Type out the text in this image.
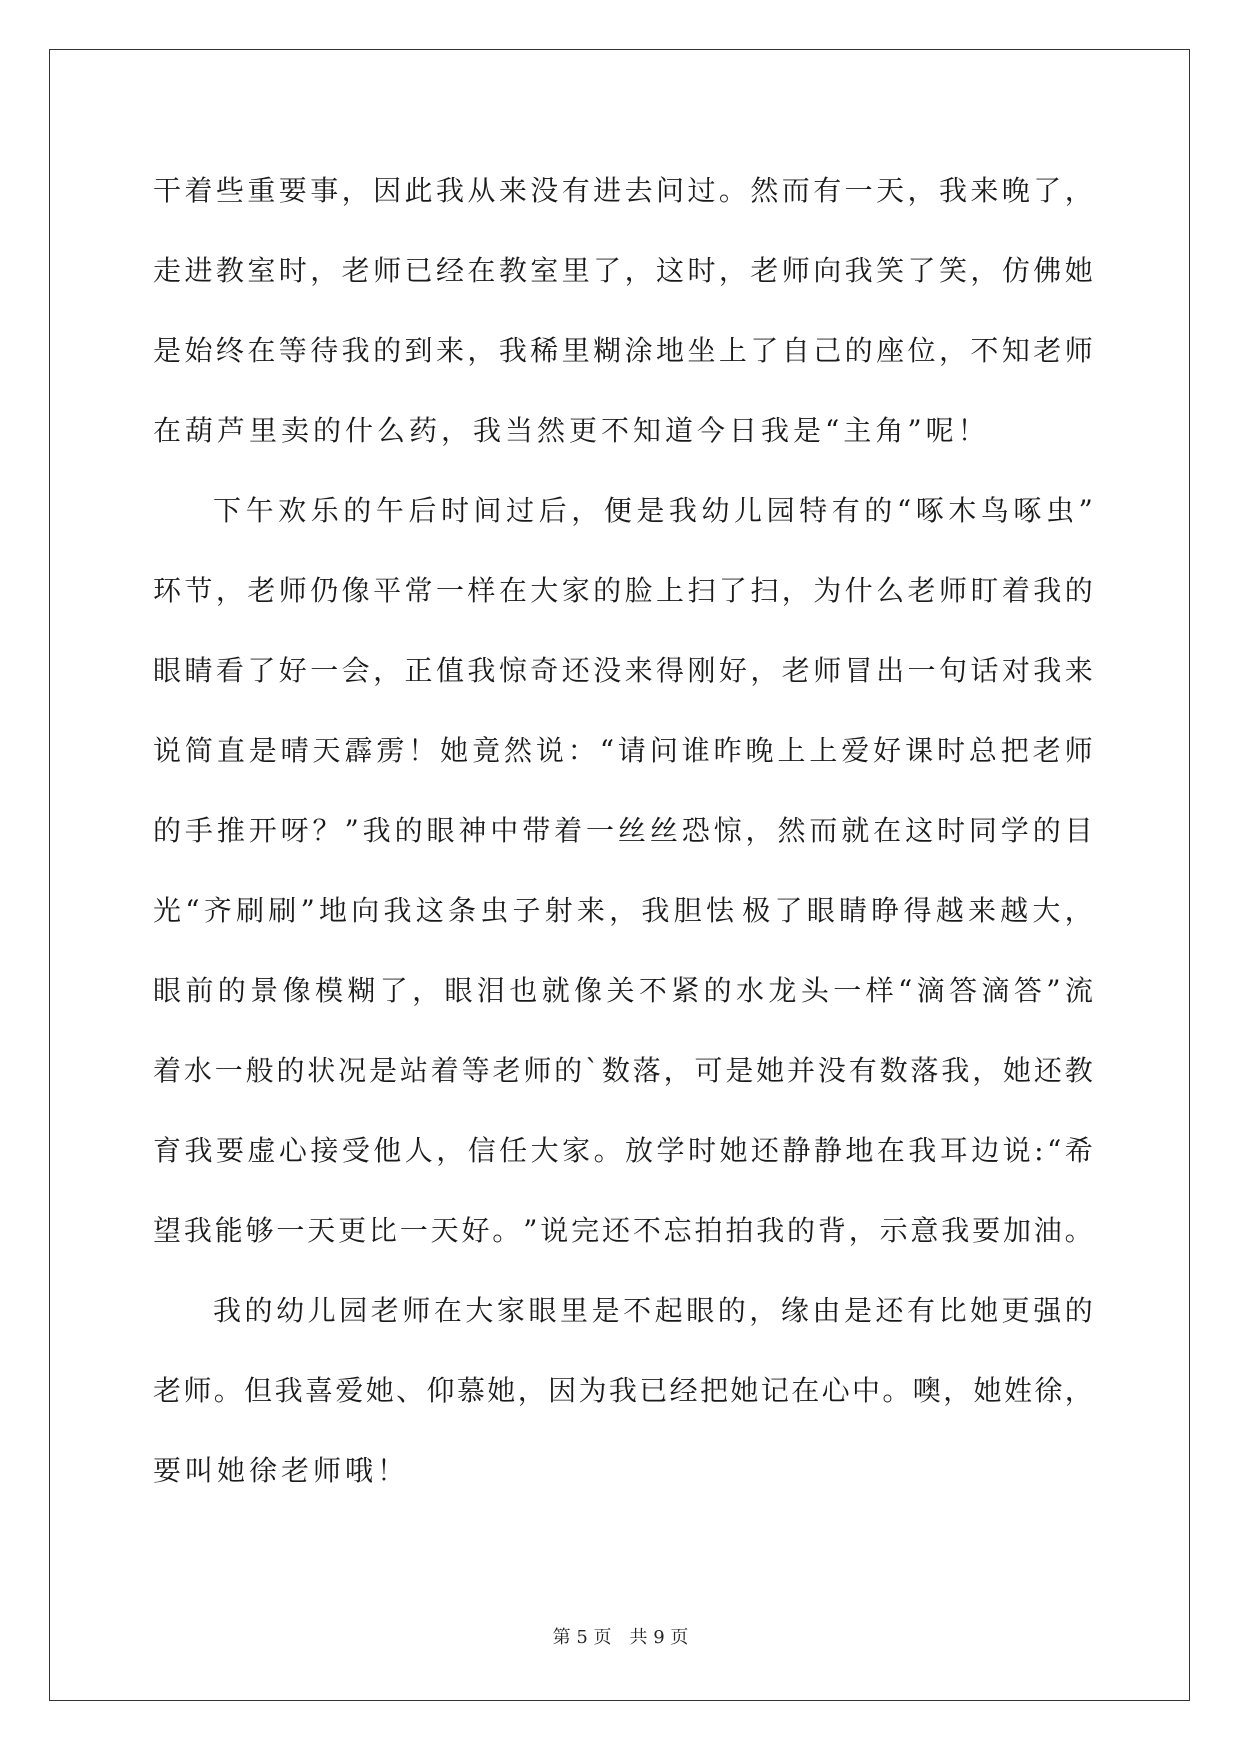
干 着 些 重 要 事 ， 因 此 我 从 来 没 有 进 去 问 过 。 然 而 有 一 天 ， 我 来 晚 了 ，
走 进 教 室 时 ， 老 师 已 经 在 教 室 里 了 ， 这 时 ， 老 师 向 我 笑 了 笑 ， 仿 佛 她
是 始 终 在 等 待 我 的 到 来 ， 我 稀 里 糊 涂 地 坐 上 了 自 己 的 座 位 ， 不 知 老 师
在葫芦里卖的什么药，我当然更不知道今日我是“主角”呢！
下 午 欢 乐 的 午 后 时 间 过 后 ， 便 是 我 幼 儿 园 特 有 的 “ 啄 木 鸟 啄 虫 ”
环 节 ， 老 师 仍 像 平 常 一 样 在 大 家 的 脸 上 扫 了 扫 ， 为 什 么 老 师 盯 着 我 的
眼 睛 看 了 好 一 会 ， 正 值 我 惊 奇 还 没 来 得 刚 好 ， 老 师 冒 出 一 句 话 对 我 来
说 简 直 是 晴 天 霹 雳 ！ 她 竟 然 说 ： “ 请 问 谁 昨 晚 上 上 爱 好 课 时 总 把 老 师
的 手 推 开 呀 ？ ” 我 的 眼 神 中 带 着 一 丝 丝 恐 惊 ， 然 而 就 在 这 时 同 学 的 目
光 “ 齐 刷 刷 ” 地 向 我 这 条 虫 子 射 来 ， 我 胆 怯 极 了 眼 睛 睁 得 越 来 越 大 ，
眼 前 的 景 像 模 糊 了 ， 眼 泪 也 就 像 关 不 紧 的 水 龙 头 一 样 “ 滴 答 滴 答 ” 流
着 水 一 般 的 状 况 是 站 着 等 老 师 的 ` 数 落 ， 可 是 她 并 没 有 数 落 我 ， 她 还 教
育 我 要 虚 心 接 受 他 人 ， 信 任 大 家 。 放 学 时 她 还 静 静 地 在 我 耳 边 说 : “ 希
望 我 能 够 一 天 更 比 一 天 好 。 ” 说 完 还 不 忘 拍 拍 我 的 背 ， 示 意 我 要 加 油 。
我 的 幼 儿 园 老 师 在 大 家 眼 里 是 不 起 眼 的 ， 缘 由 是 还 有 比 她 更 强 的
老 师 。 但 我 喜 爱 她 、 仰 慕 她 ， 因 为 我 已 经 把 她 记 在 心 中 。 噢 ， 她 姓 徐 ，
要叫她徐老师哦！
第 5 页　共 9 页
